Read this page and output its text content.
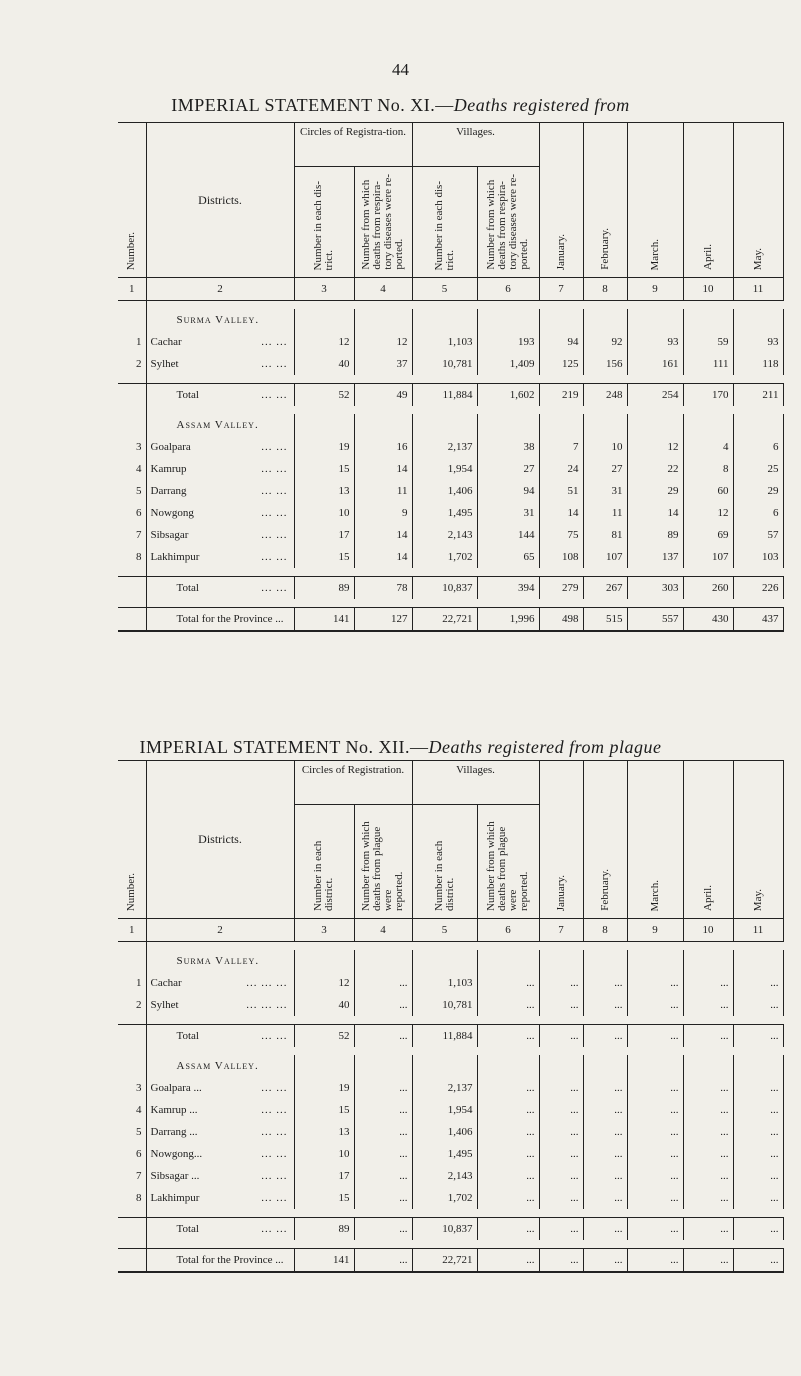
44
IMPERIAL STATEMENT No. XI.—Deaths registered from
Number.	Districts.	Circles of Registra-tion.		Villages.		January.	February.	March.	April.	May.
		Number in each dis-
trict.	Number from which
deaths from respira-
tory diseases were re-
ported.	Number in each dis-
trict.	Number from which
deaths from respira-
tory diseases were re-
ported.					
1	2	3	4	5	6	7	8	9	10	11

	Surma Valley.									
1	Cachar ... ...	12	12	1,103	193	94	92	93	59	93
2	Sylhet ... ...	40	37	10,781	1,409	125	156	161	111	118

	Total ... ...	52	49	11,884	1,602	219	248	254	170	211

	Assam Valley.									
3	Goalpara ... ...	19	16	2,137	38	7	10	12	4	6
4	Kamrup ... ...	15	14	1,954	27	24	27	22	8	25
5	Darrang ... ...	13	11	1,406	94	51	31	29	60	29
6	Nowgong ... ...	10	9	1,495	31	14	11	14	12	6
7	Sibsagar ... ...	17	14	2,143	144	75	81	89	69	57
8	Lakhimpur ... ...	15	14	1,702	65	108	107	137	107	103

	Total ... ...	89	78	10,837	394	279	267	303	260	226

	Total for the Province ...	141	127	22,721	1,996	498	515	557	430	437
IMPERIAL STATEMENT No. XII.—Deaths registered from plague
Number.	Districts.	Circles of Registration.		Villages.		January.	February.	March.	April.	May.
		Number in each district.	Number from which
deaths from plague were
reported.	Number in each district.	Number from which
deaths from plague were
reported.					
1	2	3	4	5	6	7	8	9	10	11

	Surma Valley.									
1	Cachar ... ... ...	12	...	1,103	...	...	...	...	...	...
2	Sylhet ... ... ...	40	...	10,781	...	...	...	...	...	...

	Total ... ...	52	...	11,884	...	...	...	...	...	...

	Assam Valley.									
3	Goalpara ... ... ...	19	...	2,137	...	...	...	...	...	...
4	Kamrup ... ... ...	15	...	1,954	...	...	...	...	...	...
5	Darrang ... ... ...	13	...	1,406	...	...	...	...	...	...
6	Nowgong... ... ...	10	...	1,495	...	...	...	...	...	...
7	Sibsagar ... ... ...	17	...	2,143	...	...	...	...	...	...
8	Lakhimpur ... ...	15	...	1,702	...	...	...	...	...	...

	Total ... ...	89	...	10,837	...	...	...	...	...	...

	Total for the Province ...	141	...	22,721	...	...	...	...	...	...
